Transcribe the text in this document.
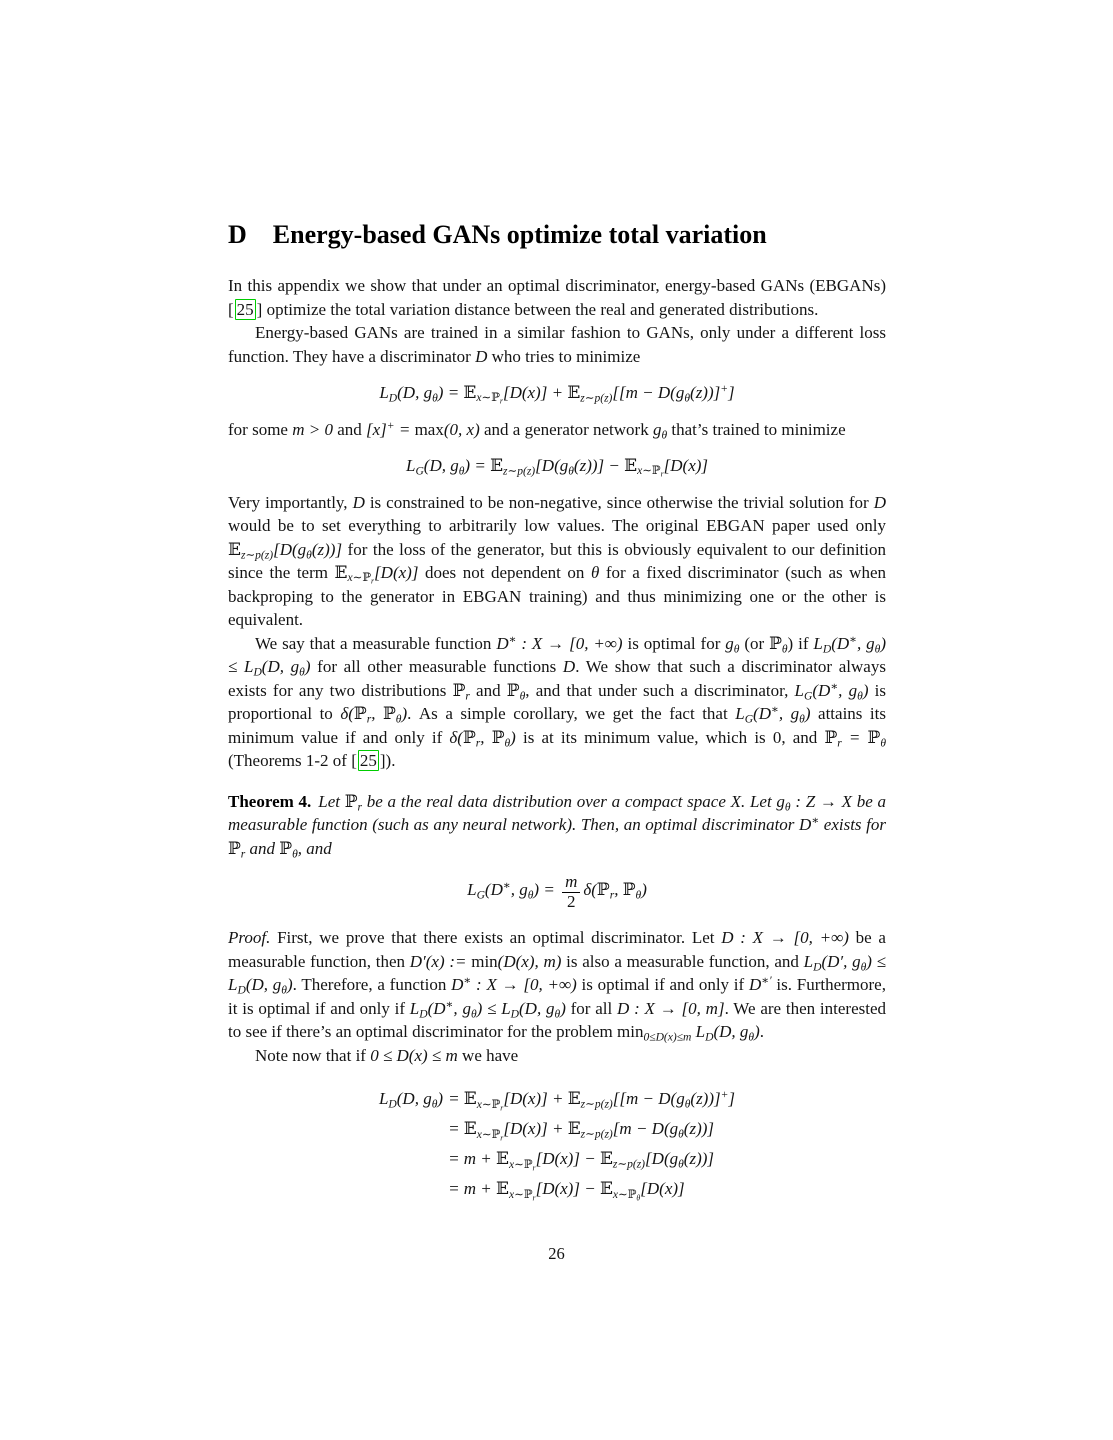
D Energy-based GANs optimize total variation

In this appendix we show that under an optimal discriminator, energy-based GANs (EBGANs) [ 25 ] optimize the total variation distance between the real and generated distributions.

Energy-based GANs are trained in a similar fashion to GANs, only under a different loss function. They have a discriminator D who tries to minimize

$L_D(D$, $g_\theta$) = 𝔼$_{x\sim ℙ_r}$[D(x)] + 𝔼$_{z\sim p(z)}$[[m − $D(g_\theta(z))]^+$]

for some m > 0 and [x]+ = max(0, x) and a generator network $g_\theta$ that’s trained to minimize

$L_G(D$, $g_\theta$) = $𝔼_{z\sim p(z)}[D(g_\theta(z))]$ − 𝔼$_{x\sim ℙ_r}$[D(x)]

Very importantly, D is constrained to be non-negative, since otherwise the trivial solution for D would be to set everything to arbitrarily low values. The original EBGAN paper used only $𝔼_{z\sim p(z)}[D(g_\theta(z))]$ for the loss of the generator, but this is obviously equivalent to our definition since the term 𝔼$_{x\sim ℙ_r}$[D(x)] does not dependent on θ for a fixed discriminator (such as when backproping to the generator in EBGAN training) and thus minimizing one or the other is equivalent.

We say that a measurable function D∗ : X → [0, +∞) is optimal for $g_\theta$ (or ℙ$_\theta$) if $L_D(D^∗$, $g_\theta) \le L_D(D$, $g_\theta$) for all other measurable functions D. We show that such a discriminator always exists for any two distributions ℙ$_r$ and ℙ$_\theta$, and that under such a discriminator, $L_G(D^∗$, $g_\theta$) is proportional to δ(ℙ$_r$, ℙ$_\theta$). As a simple corollary, we get the fact that $L_G(D^∗$, $g_\theta$) attains its minimum value if and only if δ(ℙ$_r$, ℙ$_\theta$) is at its minimum value, which is 0, and ℙ$_r$ = ℙ$_\theta$ (Theorems 1-2 of [ 25 ]).

Theorem 4. Let ℙ$_r$ be a the real data distribution over a compact space X. Let $g_\theta$ : Z → X be a measurable function (such as any neural network). Then, an optimal discriminator D∗ exists for ℙ$_r$ and ℙ$_\theta$, and

$L_G(D^∗$, $g_\theta) = \frac{m}{2}$ δ(ℙ$_r$, ℙ$_\theta$)

Proof. First, we prove that there exists an optimal discriminator. Let D : X → [0, +∞) be a measurable function, then D′(x) := min(D(x), m) is also a measurable function, and $L_D(D'$, $g_\theta) \le L_D(D$, $g_\theta$). Therefore, a function D∗ : X → [0, +∞) is optimal if and only if D∗′ is. Furthermore, it is optimal if and only if $L_D(D^∗$, $g_\theta) \le L_D(D$, $g_\theta$) for all D : X → [0, m]. We are then interested to see if there’s an optimal discriminator for the problem $\min_{0\le D(x)\le m} L_D(D$, $g_\theta$).

Note now that if 0 ≤ D(x) ≤ m we have

$L_D(D$, $g_\theta$)	= 𝔼$_{x\sim ℙ_r}$[D(x)] + 𝔼$_{z\sim p(z)}$[[m − $D(g_\theta(z))]^+$]
	= 𝔼$_{x\sim ℙ_r}$[D(x)] + 𝔼$_{z\sim p(z)}$[m − $D(g_\theta(z))$]
	= m + 𝔼$_{x\sim ℙ_r}$[D(x)] − $𝔼_{z\sim p(z)}[D(g_\theta(z))]$
	= m + 𝔼$_{x\sim ℙ_r}$[D(x)] − 𝔼$_{x\sim ℙ_\theta}$[D(x)]
26
